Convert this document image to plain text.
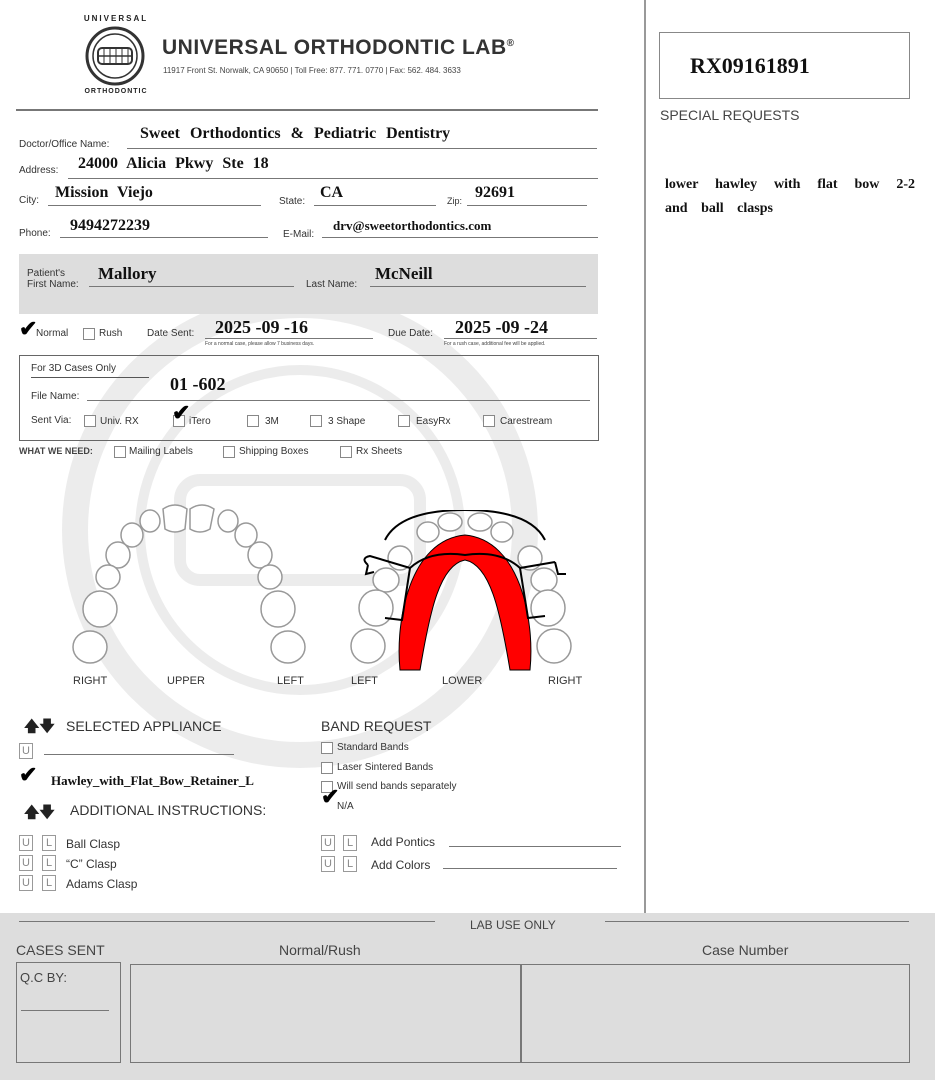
UNIVERSAL
ORTHODONTIC
UNIVERSAL ORTHODONTIC LAB®
11917 Front St. Norwalk, CA 90650 | Toll Free: 877. 771. 0770 | Fax: 562. 484. 3633	RX09161891
SPECIAL REQUESTS
lower hawley with flat bow 2-2 and ball clasps
Doctor/Office Name:
Sweet Orthodontics & Pediatric Dentistry
Address: 24000 Alicia Pkwy Ste 18
City: Mission Viejo
State:
CA	Zip: 92691
Phone: 9494272239
E-Mail:
drv@sweetorthodontics.com
Patient's
First Name:
Mallory
Last Name:
McNeill
✔
Normal	Rush Date Sent: 2025 -09 -16
For a normal case, please allow 7 business days.
Due Date: 2025 -09 -24
For a rush case, additional fee will be applied.
For 3D Cases Only
File Name:
01 -602
Sent Via:	Univ. RX ✔
iTero	3M	3 Shape	EasyRx	Carestream
WHAT WE NEED:	Mailing Labels	Shipping Boxes	Rx Sheets
RIGHT	UPPER	LEFT	LEFT	LOWER	RIGHT
🡅🡇 SELECTED APPLIANCE
U
✔ Hawley_with_Flat_Bow_Retainer_L
🡅🡇 ADDITIONAL INSTRUCTIONS:
U	L	Ball Clasp
U	L	“C” Clasp
U	L	Adams Clasp
BAND REQUEST
Standard Bands
Laser Sintered Bands
Will send bands separately
✔
N/A
U	L	Add Pontics
U	L	Add Colors
LAB USE ONLY
CASES SENT	Normal/Rush	Case Number
Q.C BY:
